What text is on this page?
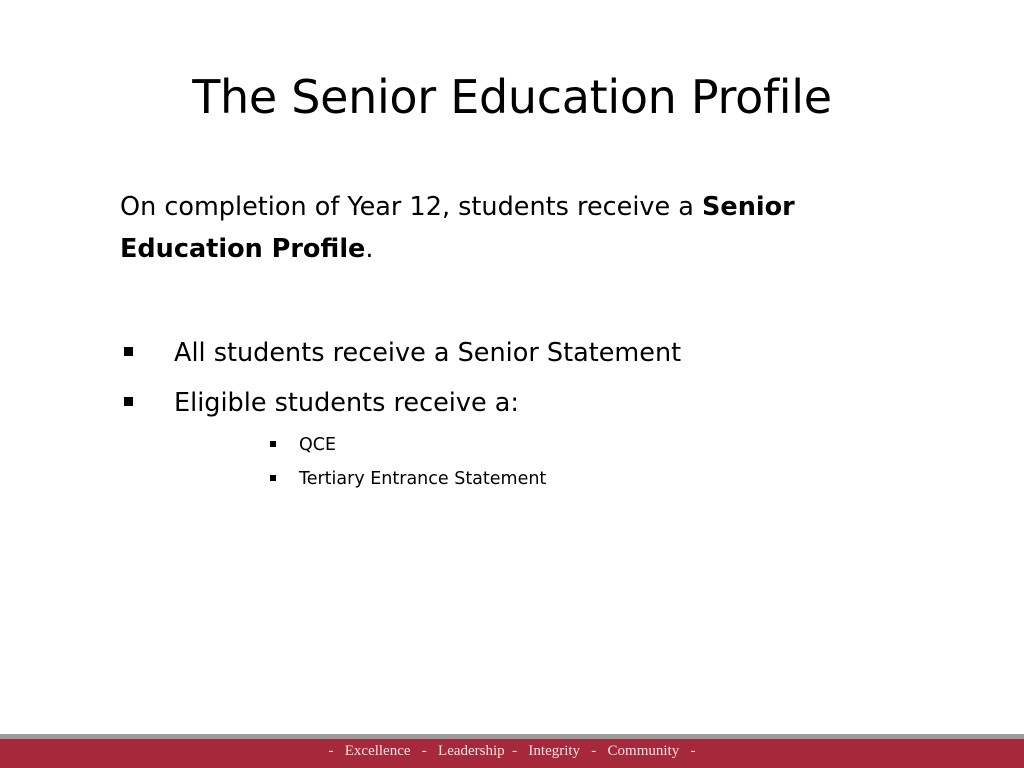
The Senior Education Profile

On completion of Year 12, students receive a Senior Education Profile.

All students receive a Senior Statement
Eligible students receive a:
QCE
Tertiary Entrance Statement
-   Excellence   -   Leadership  -   Integrity   -   Community   -
